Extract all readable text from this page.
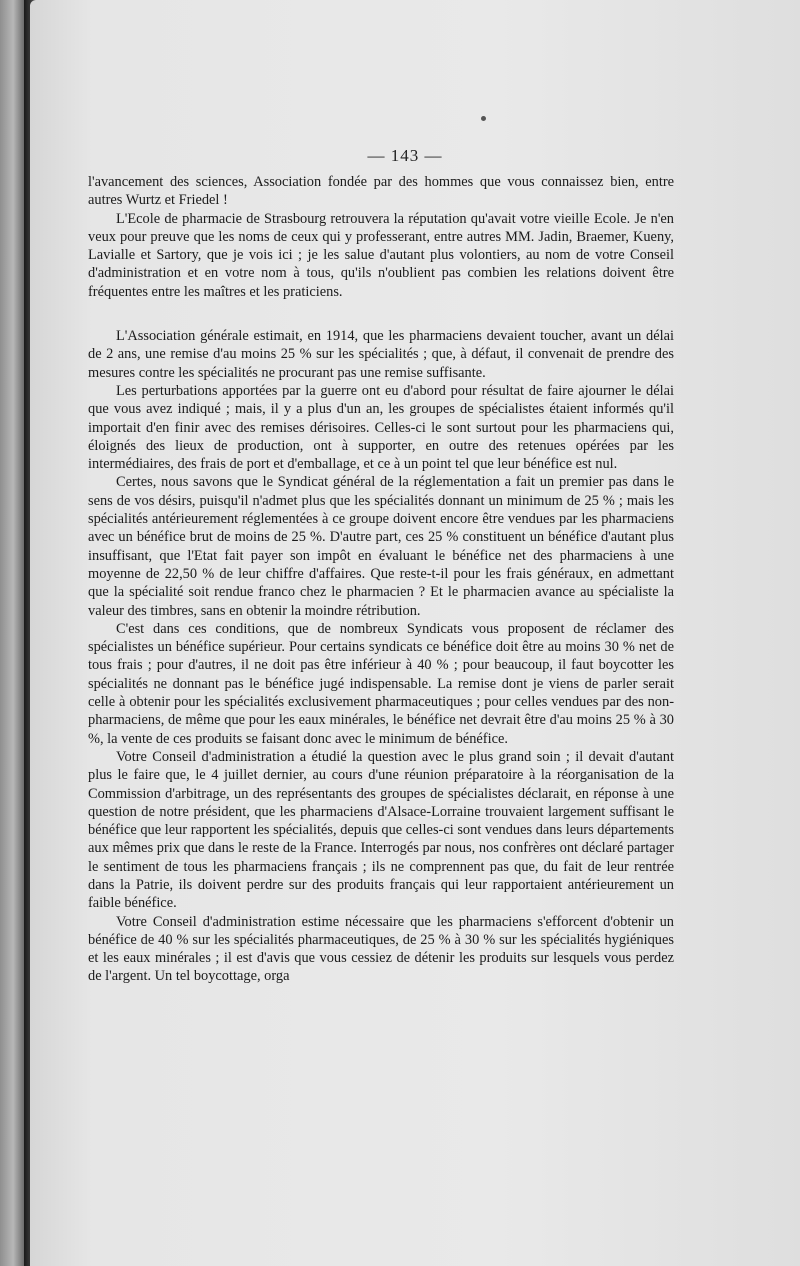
— 143 —

l'avancement des sciences, Association fondée par des hommes que vous connaissez bien, entre autres Wurtz et Friedel !

L'Ecole de pharmacie de Strasbourg retrouvera la réputation qu'avait votre vieille Ecole. Je n'en veux pour preuve que les noms de ceux qui y professerant, entre autres MM. Jadin, Braemer, Kueny, Lavialle et Sartory, que je vois ici ; je les salue d'autant plus volontiers, au nom de votre Conseil d'administration et en votre nom à tous, qu'ils n'oublient pas combien les relations doivent être fréquentes entre les maîtres et les praticiens.

L'Association générale estimait, en 1914, que les pharmaciens devaient toucher, avant un délai de 2 ans, une remise d'au moins 25 % sur les spécialités ; que, à défaut, il convenait de prendre des mesures contre les spécialités ne procurant pas une remise suffisante.

Les perturbations apportées par la guerre ont eu d'abord pour résultat de faire ajourner le délai que vous avez indiqué ; mais, il y a plus d'un an, les groupes de spécialistes étaient informés qu'il importait d'en finir avec des remises dérisoires. Celles-ci le sont surtout pour les pharmaciens qui, éloignés des lieux de production, ont à supporter, en outre des retenues opérées par les intermédiaires, des frais de port et d'emballage, et ce à un point tel que leur bénéfice est nul.

Certes, nous savons que le Syndicat général de la réglementation a fait un premier pas dans le sens de vos désirs, puisqu'il n'admet plus que les spécialités donnant un minimum de 25 % ; mais les spécialités antérieurement réglementées à ce groupe doivent encore être vendues par les pharmaciens avec un bénéfice brut de moins de 25 %. D'autre part, ces 25 % constituent un bénéfice d'autant plus insuffisant, que l'Etat fait payer son impôt en évaluant le bénéfice net des pharmaciens à une moyenne de 22,50 % de leur chiffre d'affaires. Que reste-t-il pour les frais généraux, en admettant que la spécialité soit rendue franco chez le pharmacien ? Et le pharmacien avance au spécialiste la valeur des timbres, sans en obtenir la moindre rétribution.

C'est dans ces conditions, que de nombreux Syndicats vous proposent de réclamer des spécialistes un bénéfice supérieur. Pour certains syndicats ce bénéfice doit être au moins 30 % net de tous frais ; pour d'autres, il ne doit pas être inférieur à 40 % ; pour beaucoup, il faut boycotter les spécialités ne donnant pas le bénéfice jugé indispensable. La remise dont je viens de parler serait celle à obtenir pour les spécialités exclusivement pharmaceutiques ; pour celles vendues par des non-pharmaciens, de même que pour les eaux minérales, le bénéfice net devrait être d'au moins 25 % à 30 %, la vente de ces produits se faisant donc avec le minimum de bénéfice.

Votre Conseil d'administration a étudié la question avec le plus grand soin ; il devait d'autant plus le faire que, le 4 juillet dernier, au cours d'une réunion préparatoire à la réorganisation de la Commission d'arbitrage, un des représentants des groupes de spécialistes déclarait, en réponse à une question de notre président, que les pharmaciens d'Alsace-Lorraine trouvaient largement suffisant le bénéfice que leur rapportent les spécialités, depuis que celles-ci sont vendues dans leurs départements aux mêmes prix que dans le reste de la France. Interrogés par nous, nos confrères ont déclaré partager le sentiment de tous les pharmaciens français ; ils ne comprennent pas que, du fait de leur rentrée dans la Patrie, ils doivent perdre sur des produits français qui leur rapportaient antérieurement un faible bénéfice.

Votre Conseil d'administration estime nécessaire que les pharmaciens s'efforcent d'obtenir un bénéfice de 40 % sur les spécialités pharmaceutiques, de 25 % à 30 % sur les spécialités hygiéniques et les eaux minérales ; il est d'avis que vous cessiez de détenir les produits sur lesquels vous perdez de l'argent. Un tel boycottage, orga
